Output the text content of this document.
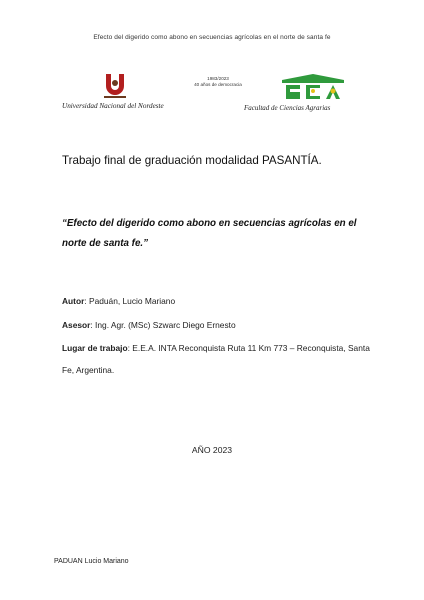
Efecto del digerido como abono en secuencias agrícolas en el norte de santa fe
Universidad Nacional del Nordeste
1983/2023
40 años de democracia
Facultad de Ciencias Agrarias
Trabajo final de graduación modalidad PASANTÍA.
“Efecto del digerido como abono en secuencias agrícolas en el norte de santa fe.”
Autor: Paduán, Lucio Mariano
Asesor: Ing. Agr. (MSc) Szwarc Diego Ernesto
Lugar de trabajo: E.E.A. INTA Reconquista Ruta 11 Km 773 – Reconquista, Santa Fe, Argentina.
AÑO 2023
PADUAN Lucio Mariano
